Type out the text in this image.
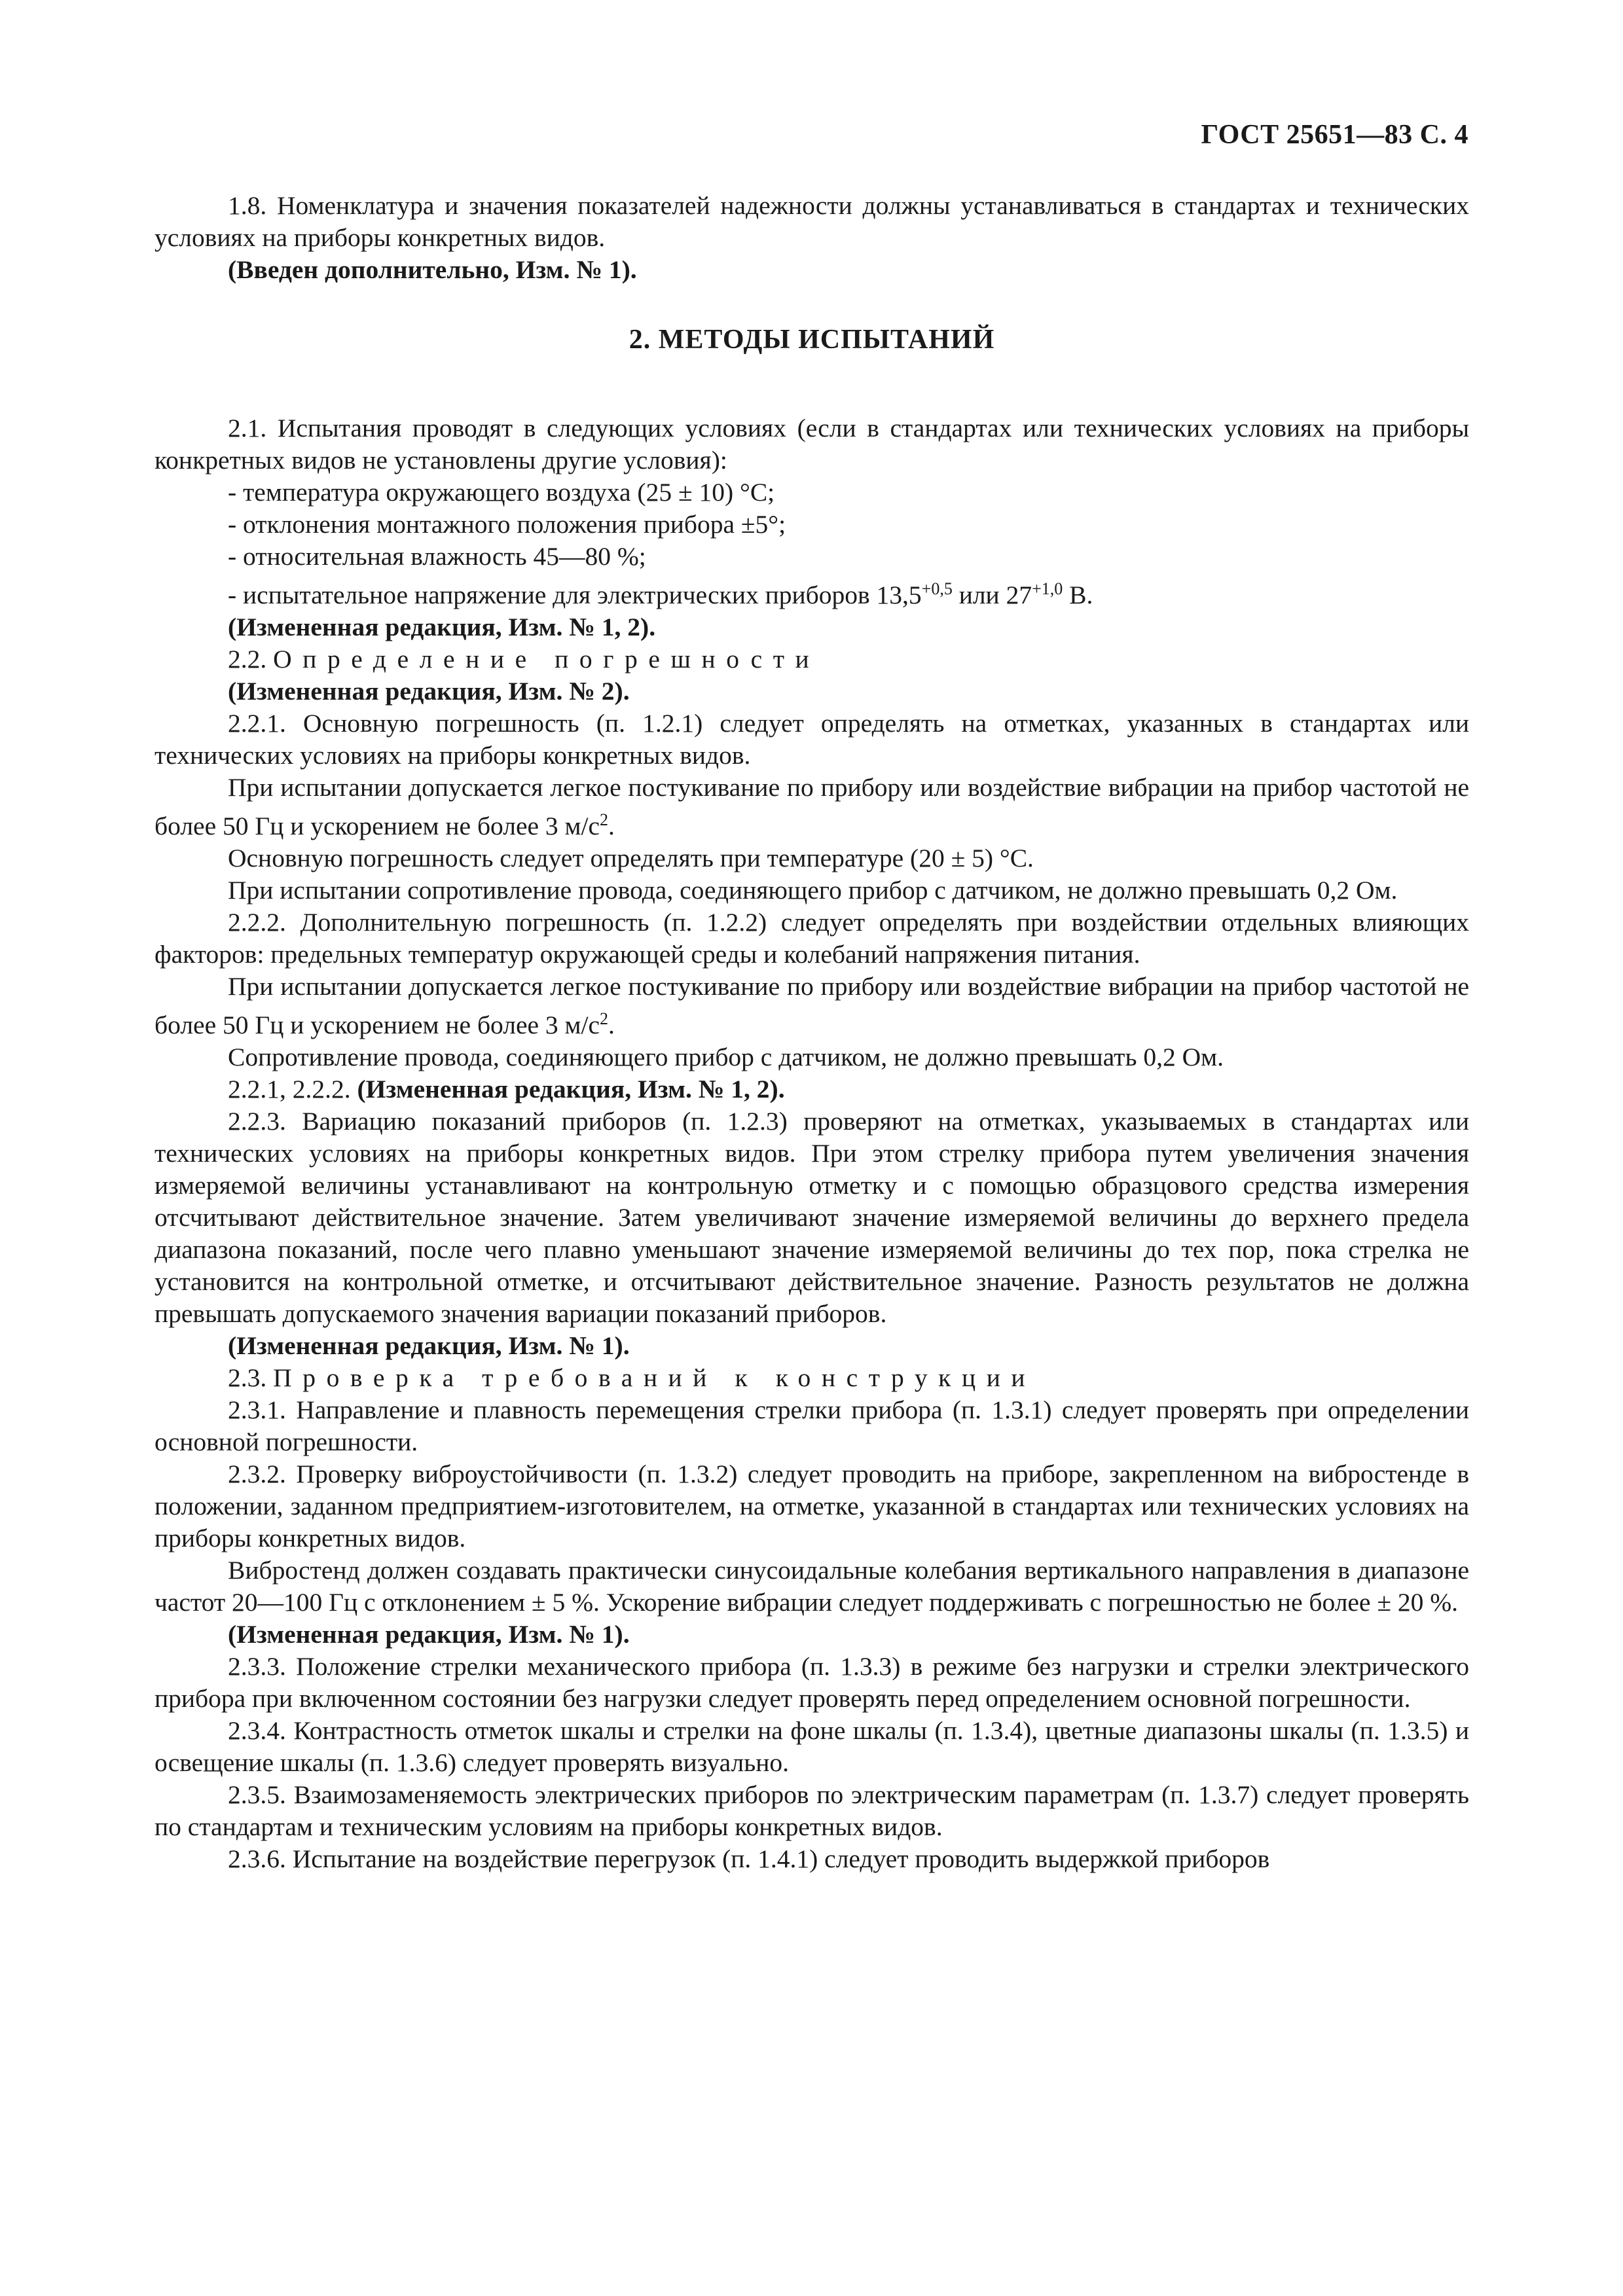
ГОСТ 25651—83 С. 4

1.8. Номенклатура и значения показателей надежности должны устанавливаться в стандартах и технических условиях на приборы конкретных видов.

(Введен дополнительно, Изм. № 1).

2. МЕТОДЫ ИСПЫТАНИЙ

2.1. Испытания проводят в следующих условиях (если в стандартах или технических условиях на приборы конкретных видов не установлены другие условия):

- температура окружающего воздуха (25 ± 10) °С;

- отклонения монтажного положения прибора ±5°;

- относительная влажность 45—80 %;

- испытательное напряжение для электрических приборов $13,5^{+0,5}$ или $27^{+1,0}$ В.

(Измененная редакция, Изм. № 1, 2).

2.2. Определение погрешности

(Измененная редакция, Изм. № 2).

2.2.1. Основную погрешность (п. 1.2.1) следует определять на отметках, указанных в стандартах или технических условиях на приборы конкретных видов.

При испытании допускается легкое постукивание по прибору или воздействие вибрации на прибор частотой не более 50 Гц и ускорением не более 3 $м/с^2$.

Основную погрешность следует определять при температуре (20 ± 5) °С.

При испытании сопротивление провода, соединяющего прибор с датчиком, не должно превышать 0,2 Ом.

2.2.2. Дополнительную погрешность (п. 1.2.2) следует определять при воздействии отдельных влияющих факторов: предельных температур окружающей среды и колебаний напряжения питания.

При испытании допускается легкое постукивание по прибору или воздействие вибрации на прибор частотой не более 50 Гц и ускорением не более 3 $м/с^2$.

Сопротивление провода, соединяющего прибор с датчиком, не должно превышать 0,2 Ом.

2.2.1, 2.2.2. (Измененная редакция, Изм. № 1, 2).

2.2.3. Вариацию показаний приборов (п. 1.2.3) проверяют на отметках, указываемых в стандартах или технических условиях на приборы конкретных видов. При этом стрелку прибора путем увеличения значения измеряемой величины устанавливают на контрольную отметку и с помощью образцового средства измерения отсчитывают действительное значение. Затем увеличивают значение измеряемой величины до верхнего предела диапазона показаний, после чего плавно уменьшают значение измеряемой величины до тех пор, пока стрелка не установится на контрольной отметке, и отсчитывают действительное значение. Разность результатов не должна превышать допускаемого значения вариации показаний приборов.

(Измененная редакция, Изм. № 1).

2.3. Проверка требований к конструкции

2.3.1. Направление и плавность перемещения стрелки прибора (п. 1.3.1) следует проверять при определении основной погрешности.

2.3.2. Проверку виброустойчивости (п. 1.3.2) следует проводить на приборе, закрепленном на вибростенде в положении, заданном предприятием-изготовителем, на отметке, указанной в стандартах или технических условиях на приборы конкретных видов.

Вибростенд должен создавать практически синусоидальные колебания вертикального направления в диапазоне частот 20—100 Гц с отклонением ± 5 %. Ускорение вибрации следует поддерживать с погрешностью не более ± 20 %.

(Измененная редакция, Изм. № 1).

2.3.3. Положение стрелки механического прибора (п. 1.3.3) в режиме без нагрузки и стрелки электрического прибора при включенном состоянии без нагрузки следует проверять перед определением основной погрешности.

2.3.4. Контрастность отметок шкалы и стрелки на фоне шкалы (п. 1.3.4), цветные диапазоны шкалы (п. 1.3.5) и освещение шкалы (п. 1.3.6) следует проверять визуально.

2.3.5. Взаимозаменяемость электрических приборов по электрическим параметрам (п. 1.3.7) следует проверять по стандартам и техническим условиям на приборы конкретных видов.

2.3.6. Испытание на воздействие перегрузок (п. 1.4.1) следует проводить выдержкой приборов
